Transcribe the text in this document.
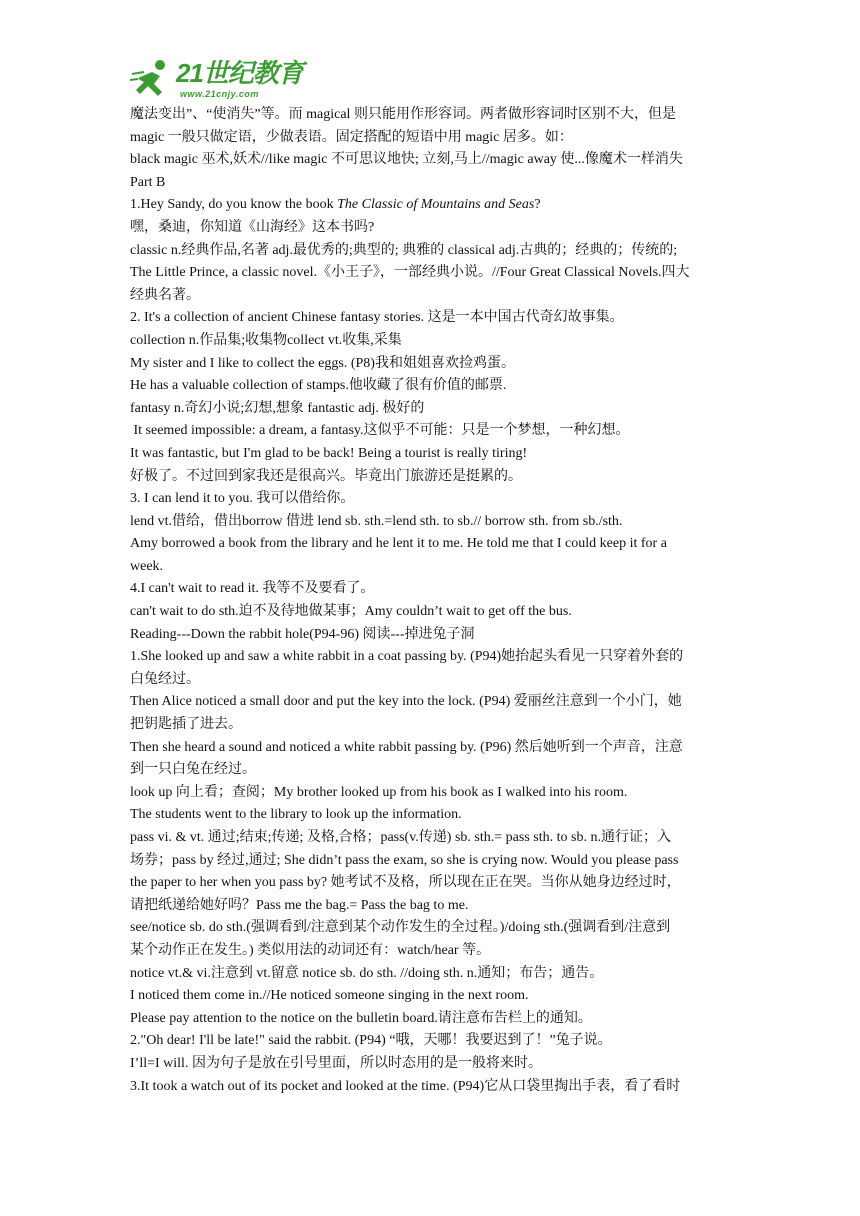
21世纪教育
www.21cnjy.com
魔法变出”、“使消失”等。而 magical 则只能用作形容词。两者做形容词时区别不大，但是
magic 一般只做定语，少做表语。固定搭配的短语中用 magic 居多。如：
black magic 巫术,妖术//like magic 不可思议地快; 立刻,马上//magic away 使...像魔术一样消失
Part B
1.Hey Sandy, do you know the book The Classic of Mountains and Seas?
嘿，桑迪，你知道《山海经》这本书吗?
classic n.经典作品,名著 adj.最优秀的;典型的; 典雅的 classical adj.古典的；经典的；传统的;
The Little Prince, a classic novel.《小王子》，一部经典小说。//Four Great Classical Novels.四大
经典名著。
2. It's a collection of ancient Chinese fantasy stories. 这是一本中国古代奇幻故事集。
collection n.作品集;收集物collect vt.收集,采集
My sister and I like to collect the eggs. (P8)我和姐姐喜欢捡鸡蛋。
He has a valuable collection of stamps.他收藏了很有价值的邮票.
fantasy n.奇幻小说;幻想,想象 fantastic adj. 极好的
It seemed impossible: a dream, a fantasy.这似乎不可能：只是一个梦想，一种幻想。
It was fantastic, but I'm glad to be back! Being a tourist is really tiring!
好极了。不过回到家我还是很高兴。毕竟出门旅游还是挺累的。
3. I can lend it to you. 我可以借给你。
lend vt.借给，借出borrow 借进 lend sb. sth.=lend sth. to sb.// borrow sth. from sb./sth.
Amy borrowed a book from the library and he lent it to me. He told me that I could keep it for a
week.
4.I can't wait to read it. 我等不及要看了。
can't wait to do sth.迫不及待地做某事；Amy couldn’t wait to get off the bus.
Reading---Down the rabbit hole(P94-96) 阅读---掉进兔子洞
1.She looked up and saw a white rabbit in a coat passing by. (P94)她抬起头看见一只穿着外套的
白兔经过。
Then Alice noticed a small door and put the key into the lock. (P94) 爱丽丝注意到一个小门，她
把钥匙插了进去。
Then she heard a sound and noticed a white rabbit passing by. (P96) 然后她听到一个声音，注意
到一只白兔在经过。
look up 向上看；查阅；My brother looked up from his book as I walked into his room.
The students went to the library to look up the information.
pass vi. & vt. 通过;结束;传递; 及格,合格；pass(v.传递) sb. sth.= pass sth. to sb. n.通行证；入
场券；pass by 经过,通过; She didn’t pass the exam, so she is crying now. Would you please pass
the paper to her when you pass by? 她考试不及格，所以现在正在哭。当你从她身边经过时，
请把纸递给她好吗？Pass me the bag.= Pass the bag to me.
see/notice sb. do sth.(强调看到/注意到某个动作发生的全过程。)/doing sth.(强调看到/注意到
某个动作正在发生。) 类似用法的动词还有：watch/hear 等。
notice vt.& vi.注意到 vt.留意 notice sb. do sth. //doing sth. n.通知；布告；通告。
I noticed them come in.//He noticed someone singing in the next room.
Please pay attention to the notice on the bulletin board.请注意布告栏上的通知。
2."Oh dear! I'll be late!" said the rabbit. (P94) “哦，天哪！我要迟到了！”兔子说。
I’ll=I will. 因为句子是放在引号里面，所以时态用的是一般将来时。
3.It took a watch out of its pocket and looked at the time. (P94)它从口袋里掏出手表，看了看时
